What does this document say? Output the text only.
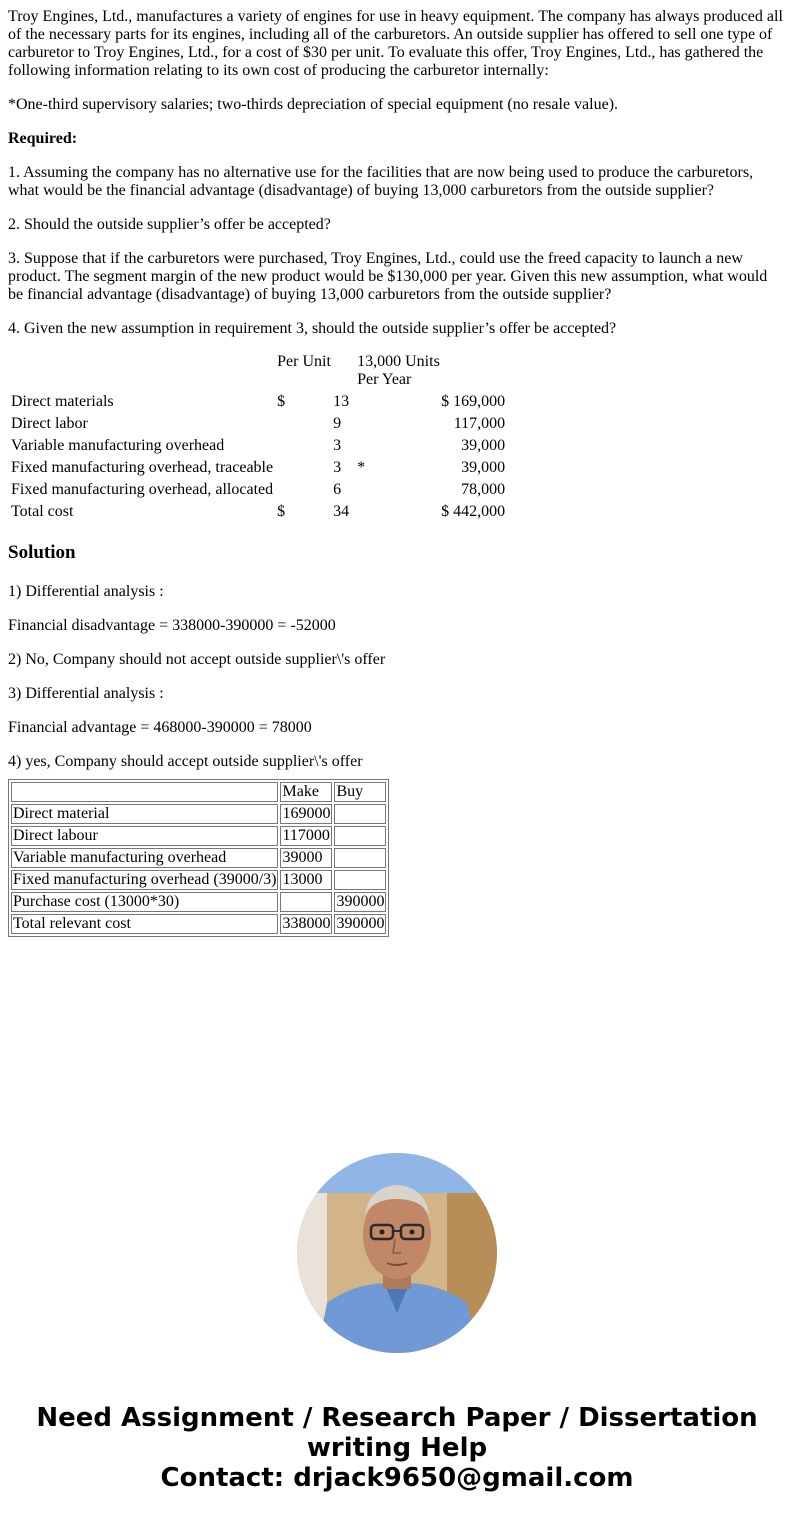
Troy Engines, Ltd., manufactures a variety of engines for use in heavy equipment. The company has always produced all of the necessary parts for its engines, including all of the carburetors. An outside supplier has offered to sell one type of carburetor to Troy Engines, Ltd., for a cost of $30 per unit. To evaluate this offer, Troy Engines, Ltd., has gathered the following information relating to its own cost of producing the carburetor internally:

*One-third supervisory salaries; two-thirds depreciation of special equipment (no resale value).

Required:

1. Assuming the company has no alternative use for the facilities that are now being used to produce the carburetors, what would be the financial advantage (disadvantage) of buying 13,000 carburetors from the outside supplier?

2. Should the outside supplier’s offer be accepted?

3. Suppose that if the carburetors were purchased, Troy Engines, Ltd., could use the freed capacity to launch a new product. The segment margin of the new product would be $130,000 per year. Given this new assumption, what would be financial advantage (disadvantage) of buying 13,000 carburetors from the outside supplier?

4. Given the new assumption in requirement 3, should the outside supplier’s offer be accepted?

	Per Unit		13,000 Units
Per Year		
Direct materials	$	13		$	169,000
Direct labor		9			117,000
Variable manufacturing overhead		3			39,000
Fixed manufacturing overhead, traceable		3	*		39,000
Fixed manufacturing overhead, allocated		6			78,000
Total cost	$	34		$	442,000
Solution

1) Differential analysis :

Financial disadvantage = 338000-390000 = -52000

2) No, Company should not accept outside supplier\'s offer

3) Differential analysis :

Financial advantage = 468000-390000 = 78000

4) yes, Company should accept outside supplier\'s offer

	Make	Buy
Direct material	169000	
Direct labour	117000	
Variable manufacturing overhead	39000	
Fixed manufacturing overhead (39000/3)	13000	
Purchase cost (13000*30)		390000
Total relevant cost	338000	390000
Need Assignment / Research Paper / Dissertation
writing Help
Contact: drjack9650@gmail.com
